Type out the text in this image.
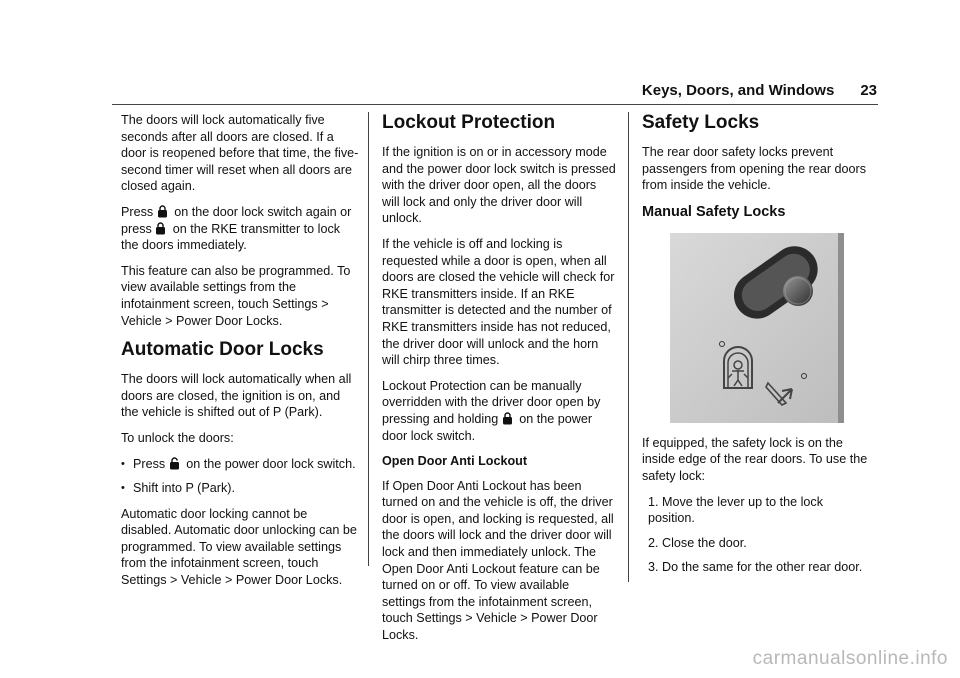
Keys, Doors, and Windows 23

The doors will lock automatically five seconds after all doors are closed. If a door is reopened before that time, the five-second timer will reset when all doors are closed again.

Press  on the door lock switch again or press  on the RKE transmitter to lock the doors immediately.

This feature can also be programmed. To view available settings from the infotainment screen, touch Settings > Vehicle > Power Door Locks.

Automatic Door Locks

The doors will lock automatically when all doors are closed, the ignition is on, and the vehicle is shifted out of P (Park).

To unlock the doors:

• Press  on the power door lock switch.
• Shift into P (Park).

Automatic door locking cannot be disabled. Automatic door unlocking can be programmed. To view available settings from the infotainment screen, touch Settings > Vehicle > Power Door Locks.

Lockout Protection

If the ignition is on or in accessory mode and the power door lock switch is pressed with the driver door open, all the doors will lock and only the driver door will unlock.

If the vehicle is off and locking is requested while a door is open, when all doors are closed the vehicle will check for RKE transmitters inside. If an RKE transmitter is detected and the number of RKE transmitters inside has not reduced, the driver door will unlock and the horn will chirp three times.

Lockout Protection can be manually overridden with the driver door open by pressing and holding  on the power door lock switch.

Open Door Anti Lockout

If Open Door Anti Lockout has been turned on and the vehicle is off, the driver door is open, and locking is requested, all the doors will lock and the driver door will lock and then immediately unlock. The Open Door Anti Lockout feature can be turned on or off. To view available settings from the infotainment screen, touch Settings > Vehicle > Power Door Locks.

Safety Locks

The rear door safety locks prevent passengers from opening the rear doors from inside the vehicle.

Manual Safety Locks

If equipped, the safety lock is on the inside edge of the rear doors. To use the safety lock:

1. Move the lever up to the lock position.
2. Close the door.
3. Do the same for the other rear door.
carmanualsonline.info
